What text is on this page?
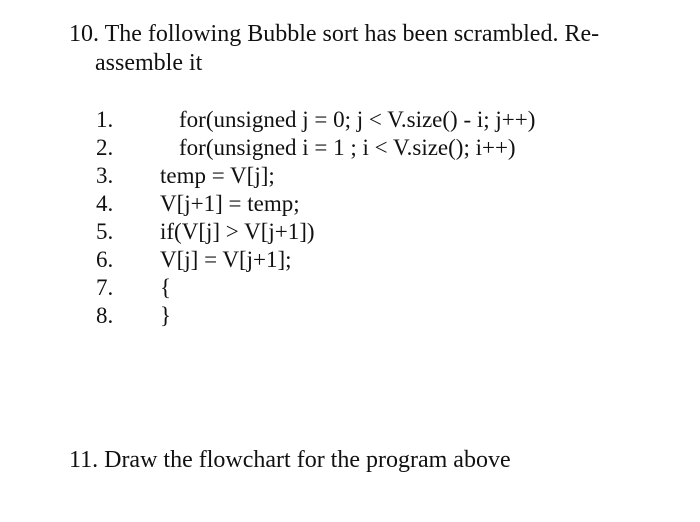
10. The following Bubble sort has been scrambled. Re-
assemble it
1.	for(unsigned j = 0; j < V.size() - i; j++)
2.	for(unsigned i = 1 ; i < V.size(); i++)
3. temp = V[j];
4. V[j+1] = temp;
5. if(V[j] > V[j+1])
6. V[j] = V[j+1];
7. {
8. }
11. Draw the flowchart for the program above
